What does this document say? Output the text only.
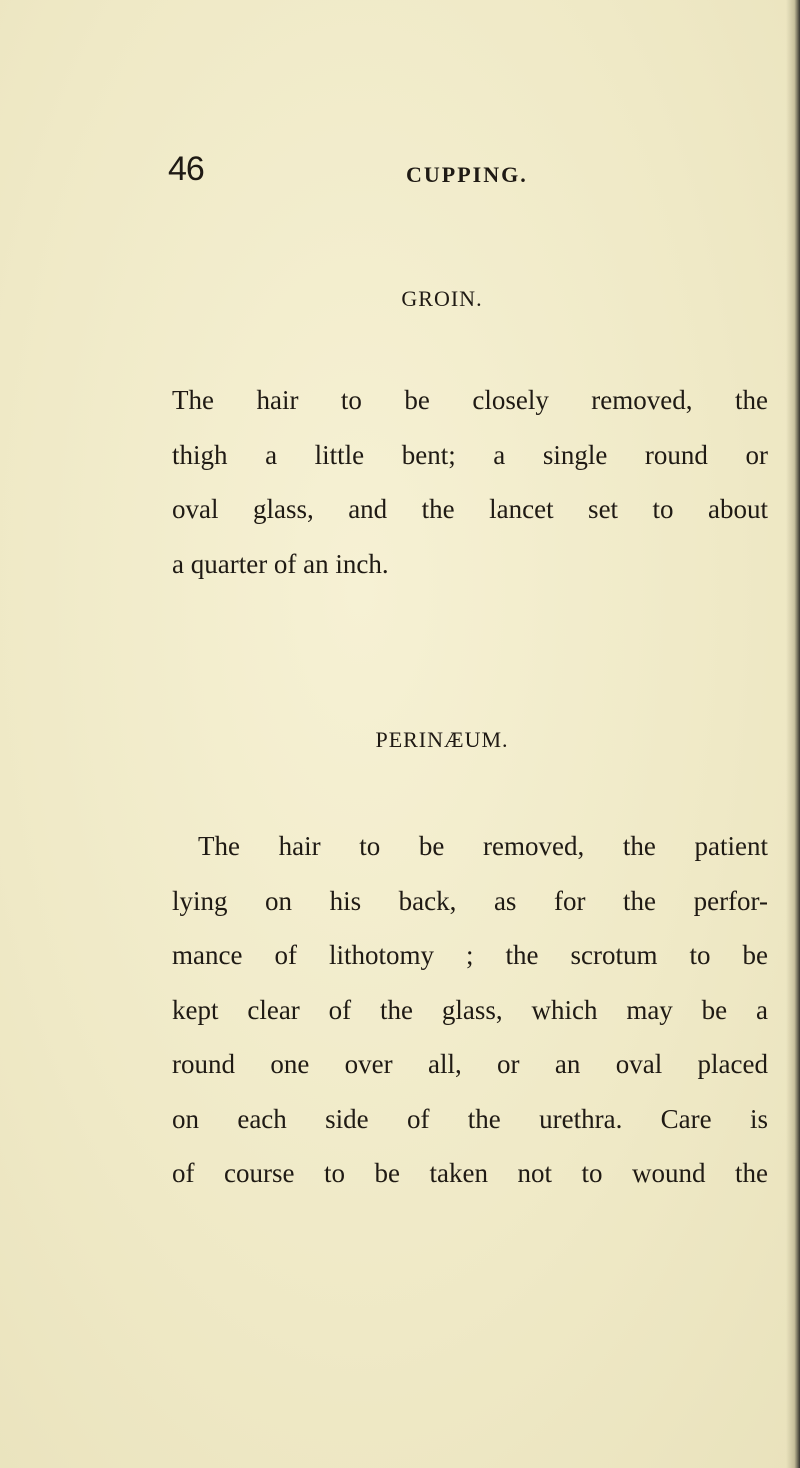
46	CUPPING.
GROIN.

The hair to be closely removed, the
thigh a little bent; a single round or
oval glass, and the lancet set to about
a quarter of an inch.

PERINÆUM.

The hair to be removed, the patient
lying on his back, as for the perfor-
mance of lithotomy ; the scrotum to be
kept clear of the glass, which may be a
round one over all, or an oval placed
on each side of the urethra. Care is
of course to be taken not to wound the
